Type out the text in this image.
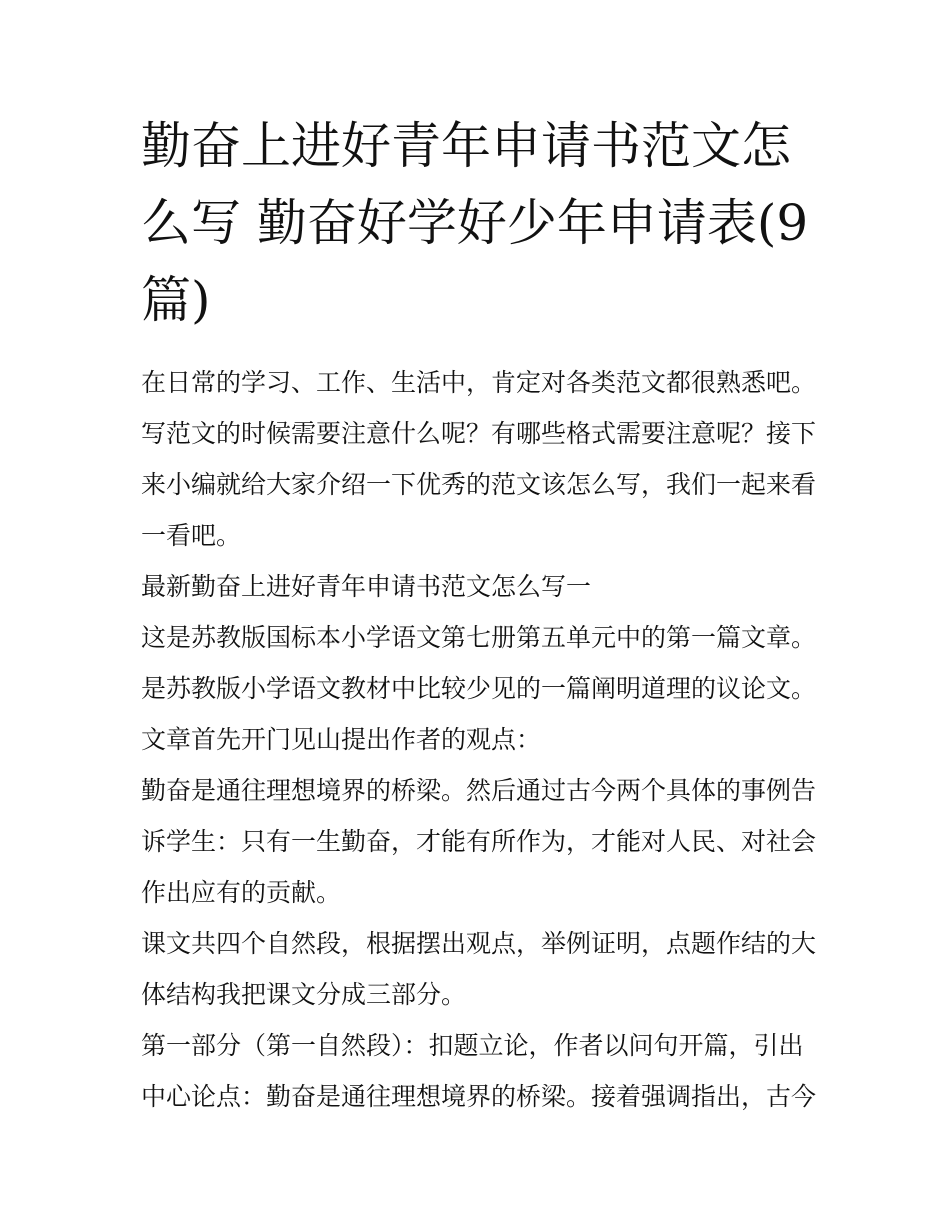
勤奋上进好青年申请书范文怎么写 勤奋好学好少年申请表(9篇)

在日常的学习、工作、生活中，肯定对各类范文都很熟悉吧。写范文的时候需要注意什么呢？有哪些格式需要注意呢？接下来小编就给大家介绍一下优秀的范文该怎么写，我们一起来看一看吧。

最新勤奋上进好青年申请书范文怎么写一

这是苏教版国标本小学语文第七册第五单元中的第一篇文章。

是苏教版小学语文教材中比较少见的一篇阐明道理的议论文。

文章首先开门见山提出作者的观点：

勤奋是通往理想境界的桥梁。然后通过古今两个具体的事例告诉学生：只有一生勤奋，才能有所作为，才能对人民、对社会作出应有的贡献。

课文共四个自然段，根据摆出观点，举例证明，点题作结的大体结构我把课文分成三部分。

第一部分（第一自然段）：扣题立论，作者以问句开篇，引出中心论点：勤奋是通往理想境界的桥梁。接着强调指出，古今
